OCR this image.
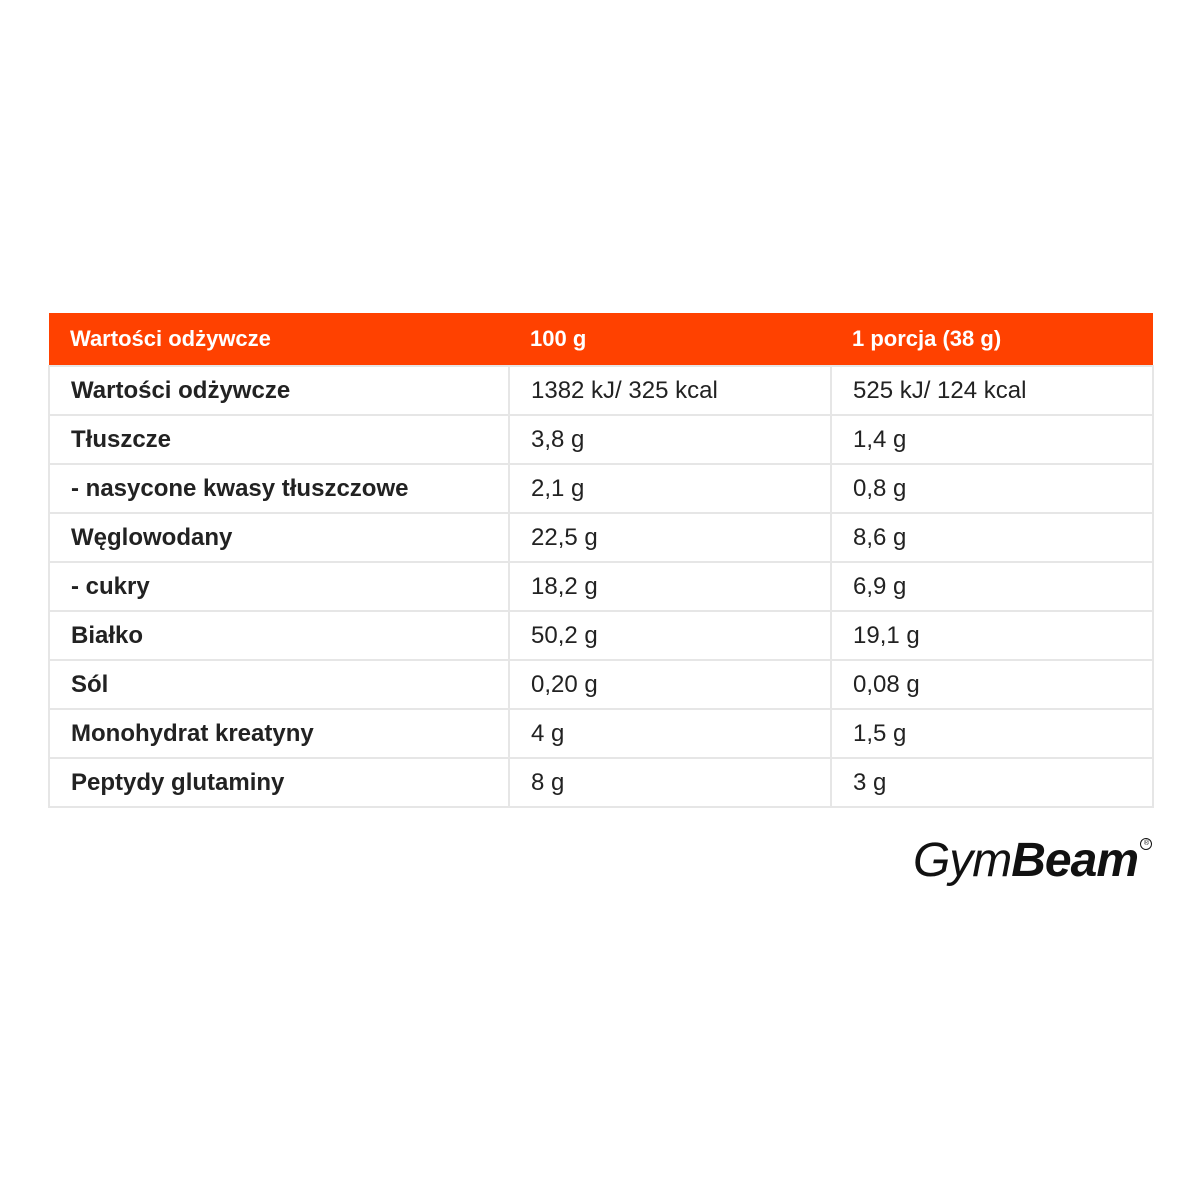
Wartości odżywcze	100 g	1 porcja (38 g)
Wartości odżywcze	1382 kJ/ 325 kcal	525 kJ/ 124 kcal
Tłuszcze	3,8 g	1,4 g
- nasycone kwasy tłuszczowe	2,1 g	0,8 g
Węglowodany	22,5 g	8,6 g
- cukry	18,2 g	6,9 g
Białko	50,2 g	19,1 g
Sól	0,20 g	0,08 g
Monohydrat kreatyny	4 g	1,5 g
Peptydy glutaminy	8 g	3 g
Gym Beam ®
